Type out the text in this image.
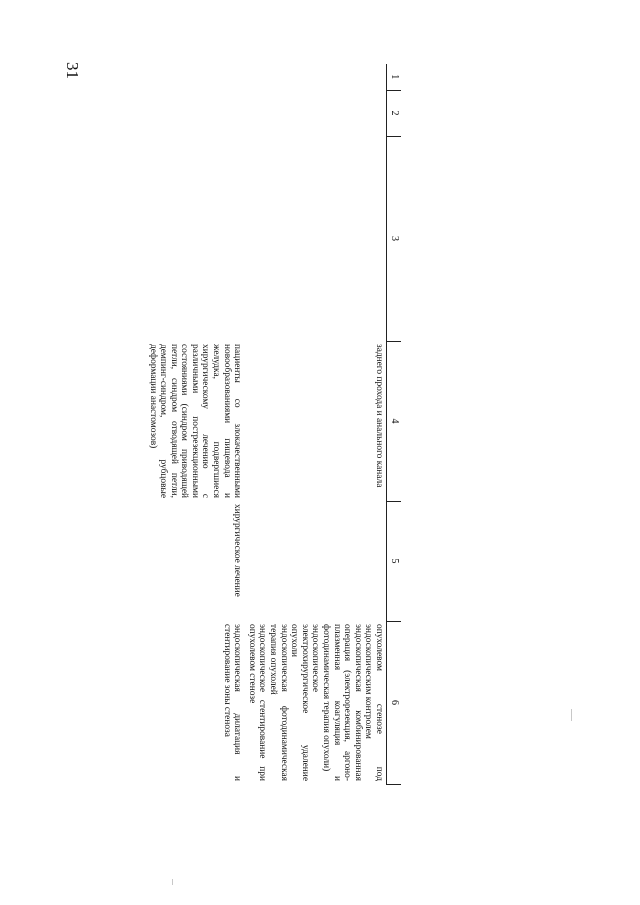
31	1	2	3	4	5	6
			заднего прохода и анального канала		опухолевом стенозе под эндоскопическим контролем
эндоскопическая комбинированная операция (электрорезекция, аргоно-плазменная коагуляция и фотодинамическая терапия опухоли)
эндоскопическое электрохирургическое удаление опухоли
эндоскопическая фотодинамическая терапия опухолей
эндоскопическое стентирование при опухолевом стенозе

			пациенты со злокачественными новообразованиями пищевода и желудка, подвергшиеся хирургическому лечению с различными пострезекционными состояниями (синдром приводящей петли, синдром отводящей петли, демпинг-синдром, рубцовые деформации анастомозов)	хирургическое лечение	эндоскопическая дилатация и стентирование зоны стеноза
